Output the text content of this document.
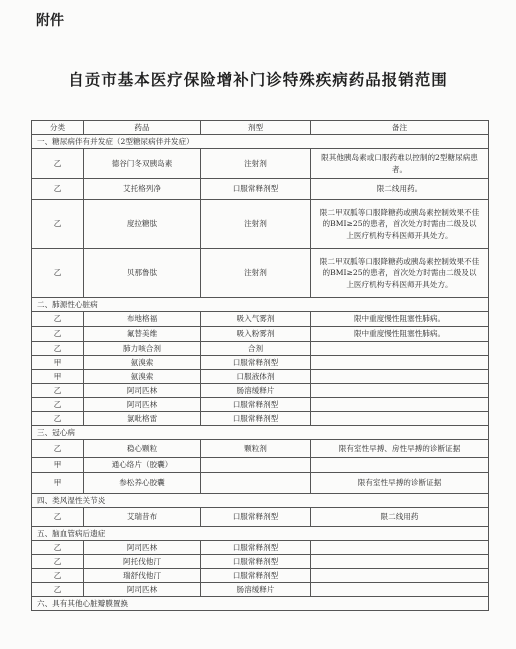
附件
自贡市基本医疗保险增补门诊特殊疾病药品报销范围
分类	药品	剂型	备注
一、糖尿病伴有并发症（2型糖尿病伴并发症）			
乙	德谷门冬双胰岛素	注射剂	限其他胰岛素或口服药难以控制的2型糖尿病患者。
乙	艾托格列净	口服常释剂型	限二线用药。
乙	度拉糖肽	注射剂	限二甲双胍等口服降糖药或胰岛素控制效果不佳的BMI≥25的患者，首次处方时需由二级及以上医疗机构专科医师开具处方。
乙	贝那鲁肽	注射剂	限二甲双胍等口服降糖药或胰岛素控制效果不佳的BMI≥25的患者，首次处方时需由二级及以上医疗机构专科医师开具处方。
二、肺源性心脏病			
乙	布地格福	吸入气雾剂	限中重度慢性阻塞性肺病。
乙	氟替美维	吸入粉雾剂	限中重度慢性阻塞性肺病。
乙	肺力咳合剂	合剂	
甲	氨溴索	口服常释剂型	
甲	氨溴索	口服液体剂	
乙	阿司匹林	肠溶缓释片	
乙	阿司匹林	口服常释剂型	
乙	氯吡格雷	口服常释剂型	
三、冠心病			
乙	稳心颗粒	颗粒剂	限有室性早搏、房性早搏的诊断证据
甲	通心络片（胶囊）		
甲	参松养心胶囊		限有室性早搏的诊断证据
四、类风湿性关节炎			
乙	艾瑞昔布	口服常释剂型	限二线用药
五、脑血管病后遗症			
乙	阿司匹林	口服常释剂型	
乙	阿托伐他汀	口服常释剂型	
乙	瑞舒伐他汀	口服常释剂型	
乙	阿司匹林	肠溶缓释片	
六、具有其他心脏瓣膜置换			
